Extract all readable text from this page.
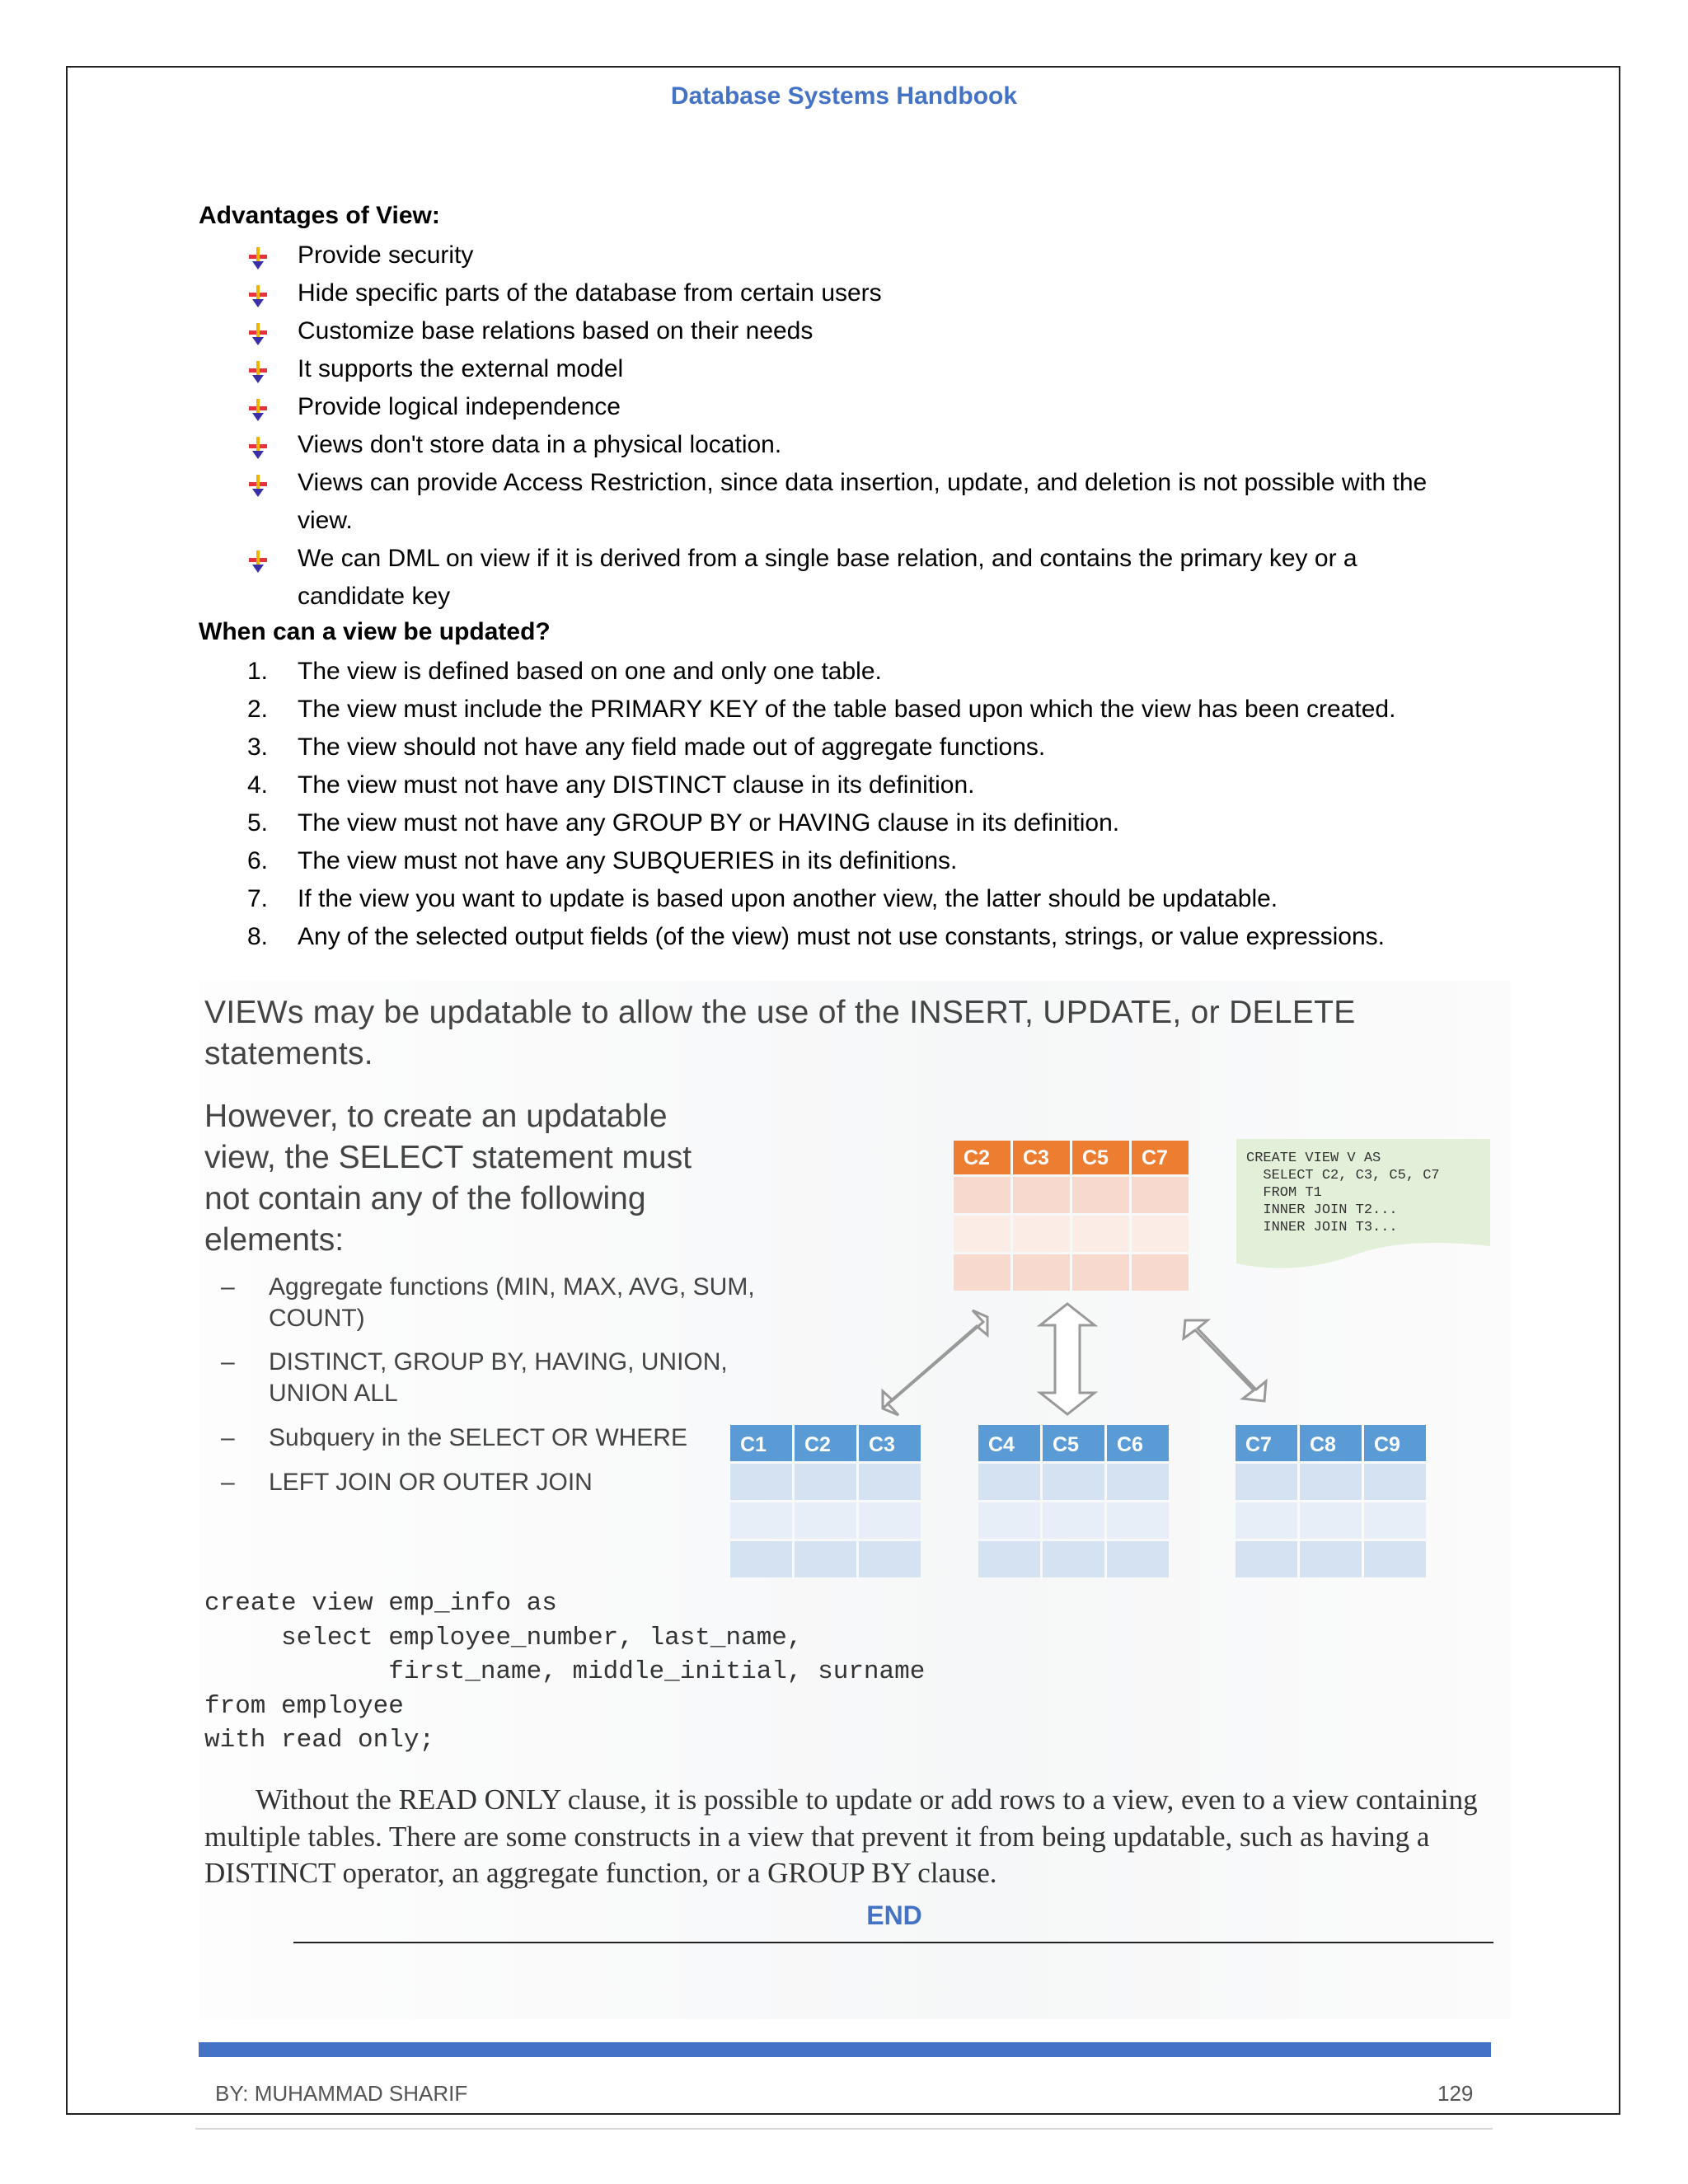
Database Systems Handbook
Advantages of View:
Provide security
Hide specific parts of the database from certain users
Customize base relations based on their needs
It supports the external model
Provide logical independence
Views don't store data in a physical location.
Views can provide Access Restriction, since data insertion, update, and deletion is not possible with the
view.
We can DML on view if it is derived from a single base relation, and contains the primary key or a
candidate key
When can a view be updated?
1. The view is defined based on one and only one table.
2. The view must include the PRIMARY KEY of the table based upon which the view has been created.
3. The view should not have any field made out of aggregate functions.
4. The view must not have any DISTINCT clause in its definition.
5. The view must not have any GROUP BY or HAVING clause in its definition.
6. The view must not have any SUBQUERIES in its definitions.
7. If the view you want to update is based upon another view, the latter should be updatable.
8. Any of the selected output fields (of the view) must not use constants, strings, or value expressions.
VIEWs may be updatable to allow the use of the INSERT, UPDATE, or DELETE statements.
However, to create an updatable view, the SELECT statement must not contain any of the following elements:
– Aggregate functions (MIN, MAX, AVG, SUM, COUNT)
– DISTINCT, GROUP BY, HAVING, UNION, UNION ALL
– Subquery in the SELECT OR WHERE
– LEFT JOIN OR OUTER JOIN
C2 C3 C5 C7	CREATE VIEW V AS
SELECT C2, C3, C5, C7
FROM T1
INNER JOIN T2...
INNER JOIN T3...
C1 C2 C3	C4 C5 C6	C7 C8 C9
create view emp_info as
select employee_number, last_name,
first_name, middle_initial, surname
from employee
with read only;
Without the READ ONLY clause, it is possible to update or add rows to a view, even to a view containing multiple tables. There are some constructs in a view that prevent it from being updatable, such as having a DISTINCT operator, an aggregate function, or a GROUP BY clause.
END
BY: MUHAMMAD SHARIF	129
